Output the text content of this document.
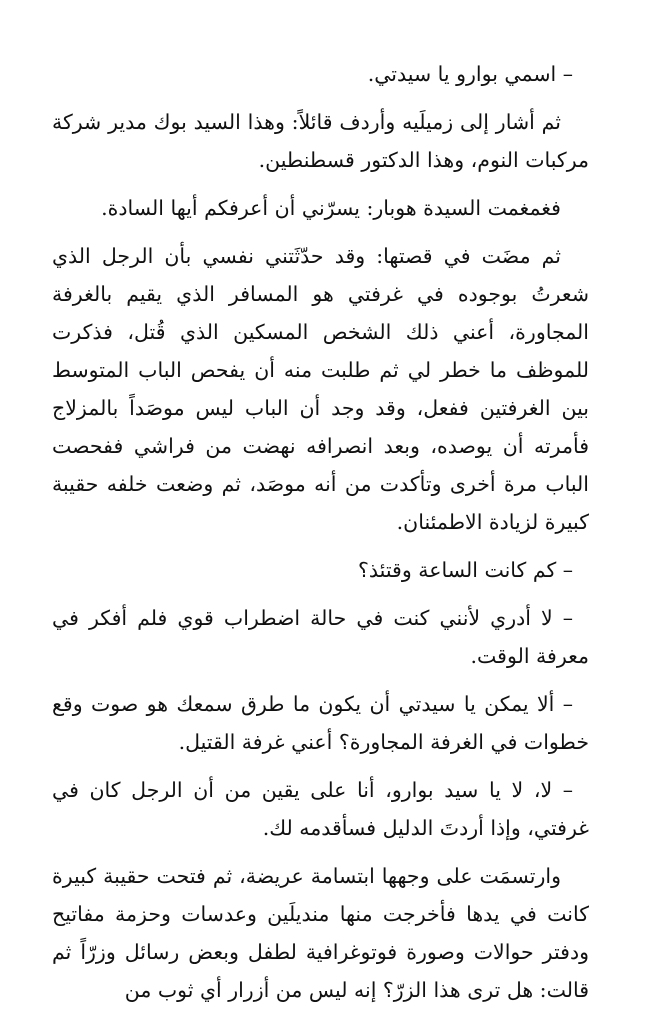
– اسمي بوارو يا سيدتي.

ثم أشار إلى زميلَيه وأردف قائلاً: وهذا السيد بوك مدير شركة مركبات النوم، وهذا الدكتور قسطنطين.

فغمغمت السيدة هوبار: يسرّني أن أعرفكم أيها السادة.

ثم مضَت في قصتها: وقد حدّثَتني نفسي بأن الرجل الذي شعرتُ بوجوده في غرفتي هو المسافر الذي يقيم بالغرفة المجاورة، أعني ذلك الشخص المسكين الذي قُتل، فذكرت للموظف ما خطر لي ثم طلبت منه أن يفحص الباب المتوسط بين الغرفتين ففعل، وقد وجد أن الباب ليس موصَداً بالمزلاج فأمرته أن يوصده، وبعد انصرافه نهضت من فراشي ففحصت الباب مرة أخرى وتأكدت من أنه موصَد، ثم وضعت خلفه حقيبة كبيرة لزيادة الاطمئنان.

– كم كانت الساعة وقتئذ؟

– لا أدري لأنني كنت في حالة اضطراب قوي فلم أفكر في معرفة الوقت.

– ألا يمكن يا سيدتي أن يكون ما طرق سمعك هو صوت وقع خطوات في الغرفة المجاورة؟ أعني غرفة القتيل.

– لا، لا يا سيد بوارو، أنا على يقين من أن الرجل كان في غرفتي، وإذا أردتَ الدليل فسأقدمه لك.

وارتسمَت على وجهها ابتسامة عريضة، ثم فتحت حقيبة كبيرة كانت في يدها فأخرجت منها منديلَين وعدسات وحزمة مفاتيح ودفتر حوالات وصورة فوتوغرافية لطفل وبعض رسائل وزرّاً ثم قالت: هل ترى هذا الزرّ؟ إنه ليس من أزرار أي ثوب من
